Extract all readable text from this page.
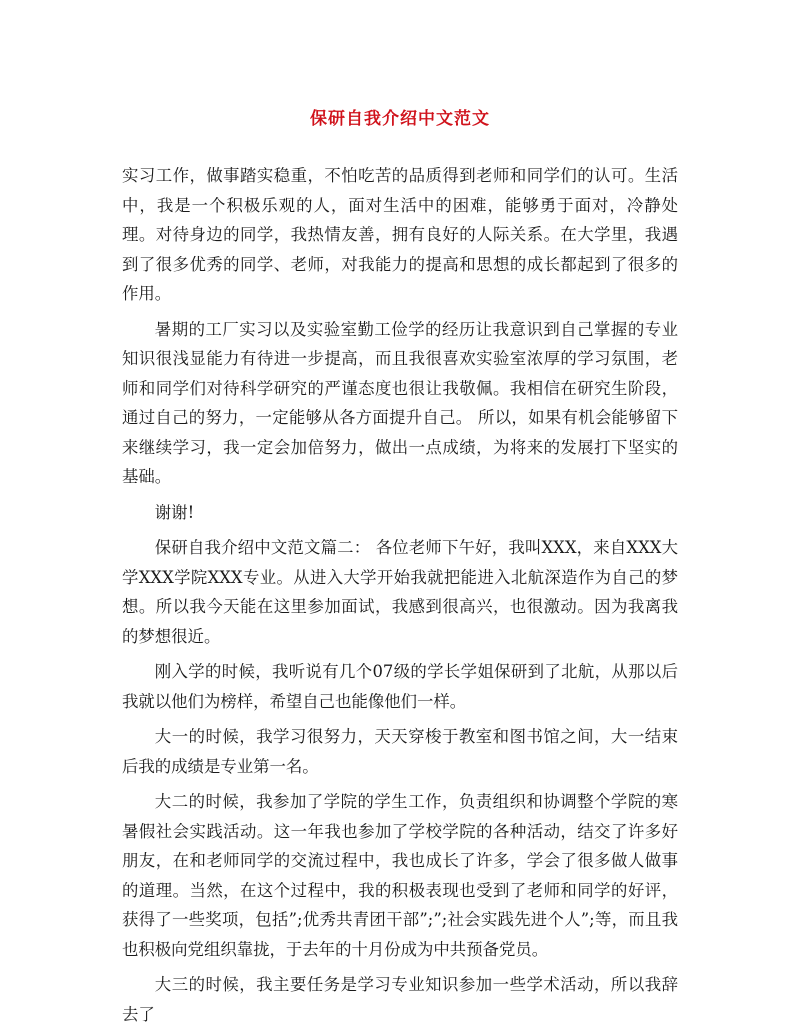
保研自我介绍中文范文

实习工作，做事踏实稳重，不怕吃苦的品质得到老师和同学们的认可。生活中，我是一个积极乐观的人，面对生活中的困难，能够勇于面对，冷静处理。对待身边的同学，我热情友善，拥有良好的人际关系。在大学里，我遇到了很多优秀的同学、老师，对我能力的提高和思想的成长都起到了很多的作用。

暑期的工厂实习以及实验室勤工俭学的经历让我意识到自己掌握的专业知识很浅显能力有待进一步提高，而且我很喜欢实验室浓厚的学习氛围，老师和同学们对待科学研究的严谨态度也很让我敬佩。我相信在研究生阶段，通过自己的努力，一定能够从各方面提升自己。 所以，如果有机会能够留下来继续学习，我一定会加倍努力，做出一点成绩，为将来的发展打下坚实的基础。

谢谢!

保研自我介绍中文范文篇二： 各位老师下午好，我叫XXX，来自XXX大学XXX学院XXX专业。从进入大学开始我就把能进入北航深造作为自己的梦想。所以我今天能在这里参加面试，我感到很高兴，也很激动。因为我离我的梦想很近。

刚入学的时候，我听说有几个07级的学长学姐保研到了北航，从那以后我就以他们为榜样，希望自己也能像他们一样。

大一的时候，我学习很努力，天天穿梭于教室和图书馆之间，大一结束后我的成绩是专业第一名。

大二的时候，我参加了学院的学生工作，负责组织和协调整个学院的寒暑假社会实践活动。这一年我也参加了学校学院的各种活动，结交了许多好朋友，在和老师同学的交流过程中，我也成长了许多，学会了很多做人做事的道理。当然，在这个过程中，我的积极表现也受到了老师和同学的好评，获得了一些奖项，包括”;优秀共青团干部”;”;社会实践先进个人”;等，而且我也积极向党组织靠拢，于去年的十月份成为中共预备党员。

大三的时候，我主要任务是学习专业知识参加一些学术活动，所以我辞去了
